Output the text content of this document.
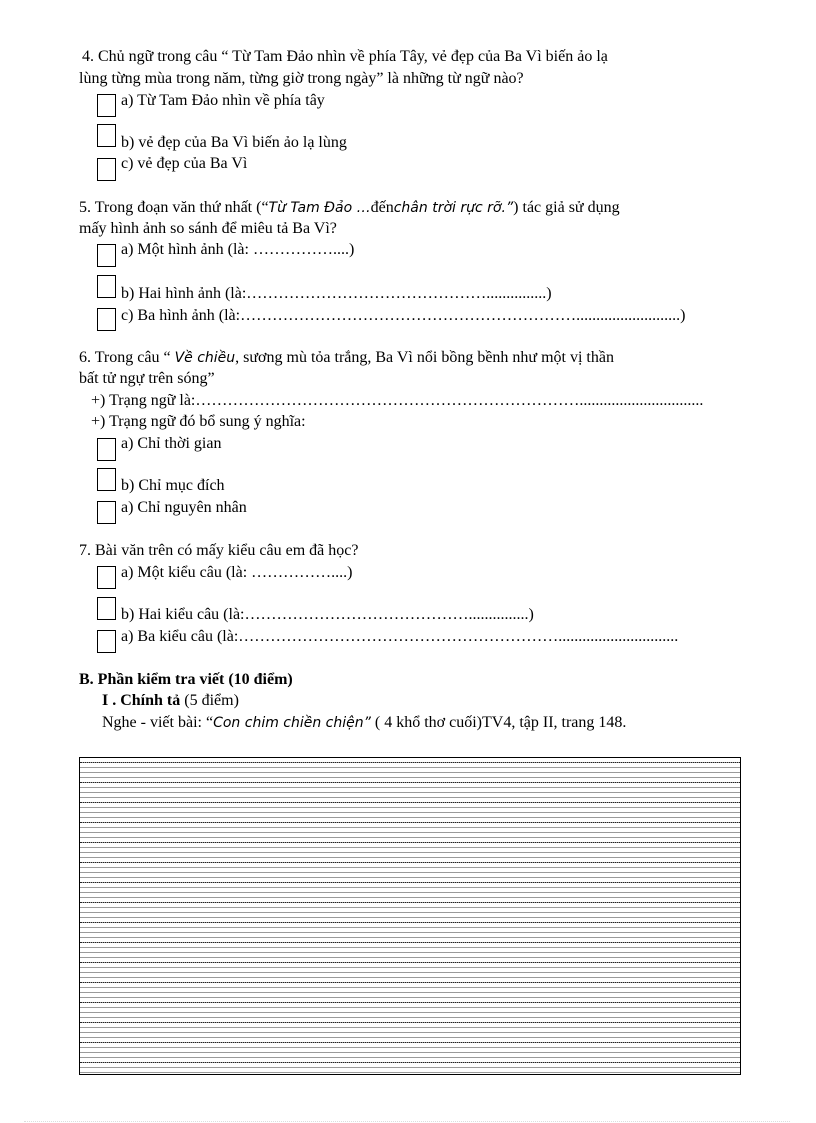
4. Chủ ngữ trong câu “ Từ Tam Đảo nhìn về phía Tây, vẻ đẹp của Ba Vì biến ảo lạ
lùng từng mùa trong năm, từng giờ trong ngày” là những từ ngữ nào?
a) Từ Tam Đảo nhìn về phía tây
b) vẻ đẹp của Ba Vì biến ảo lạ lùng
c) vẻ đẹp của Ba Vì
5. Trong đoạn văn thứ nhất (“Từ Tam Đảo …đếnchân trời rực rỡ.”) tác giả sử dụng
mấy hình ảnh so sánh để miêu tả Ba Vì?
a) Một hình ảnh (là: ……………....)
b) Hai hình ảnh (là:………………………………………...............)
c) Ba hình ảnh (là:………………………………………………………..........................)
6. Trong câu “ Về chiều, sương mù tỏa trắng, Ba Vì nổi bồng bềnh như một vị thần
bất tử ngự trên sóng”
+) Trạng ngữ là:………………………………………………………………...............................
+) Trạng ngữ đó bổ sung ý nghĩa:
a) Chỉ thời gian
b) Chỉ mục đích
a) Chỉ nguyên nhân
7. Bài văn trên có mấy kiểu câu em đã học?
a) Một kiểu câu (là: ……………....)
b) Hai kiểu câu (là:……………………………………...............)
a) Ba kiểu câu (là:……………………………………………………..............................
B. Phần kiểm tra viết (10 điểm)
I . Chính tả (5 điểm)
Nghe - viết bài: “Con chim chiền chiện” ( 4 khổ thơ cuối)TV4, tập II, trang 148.
